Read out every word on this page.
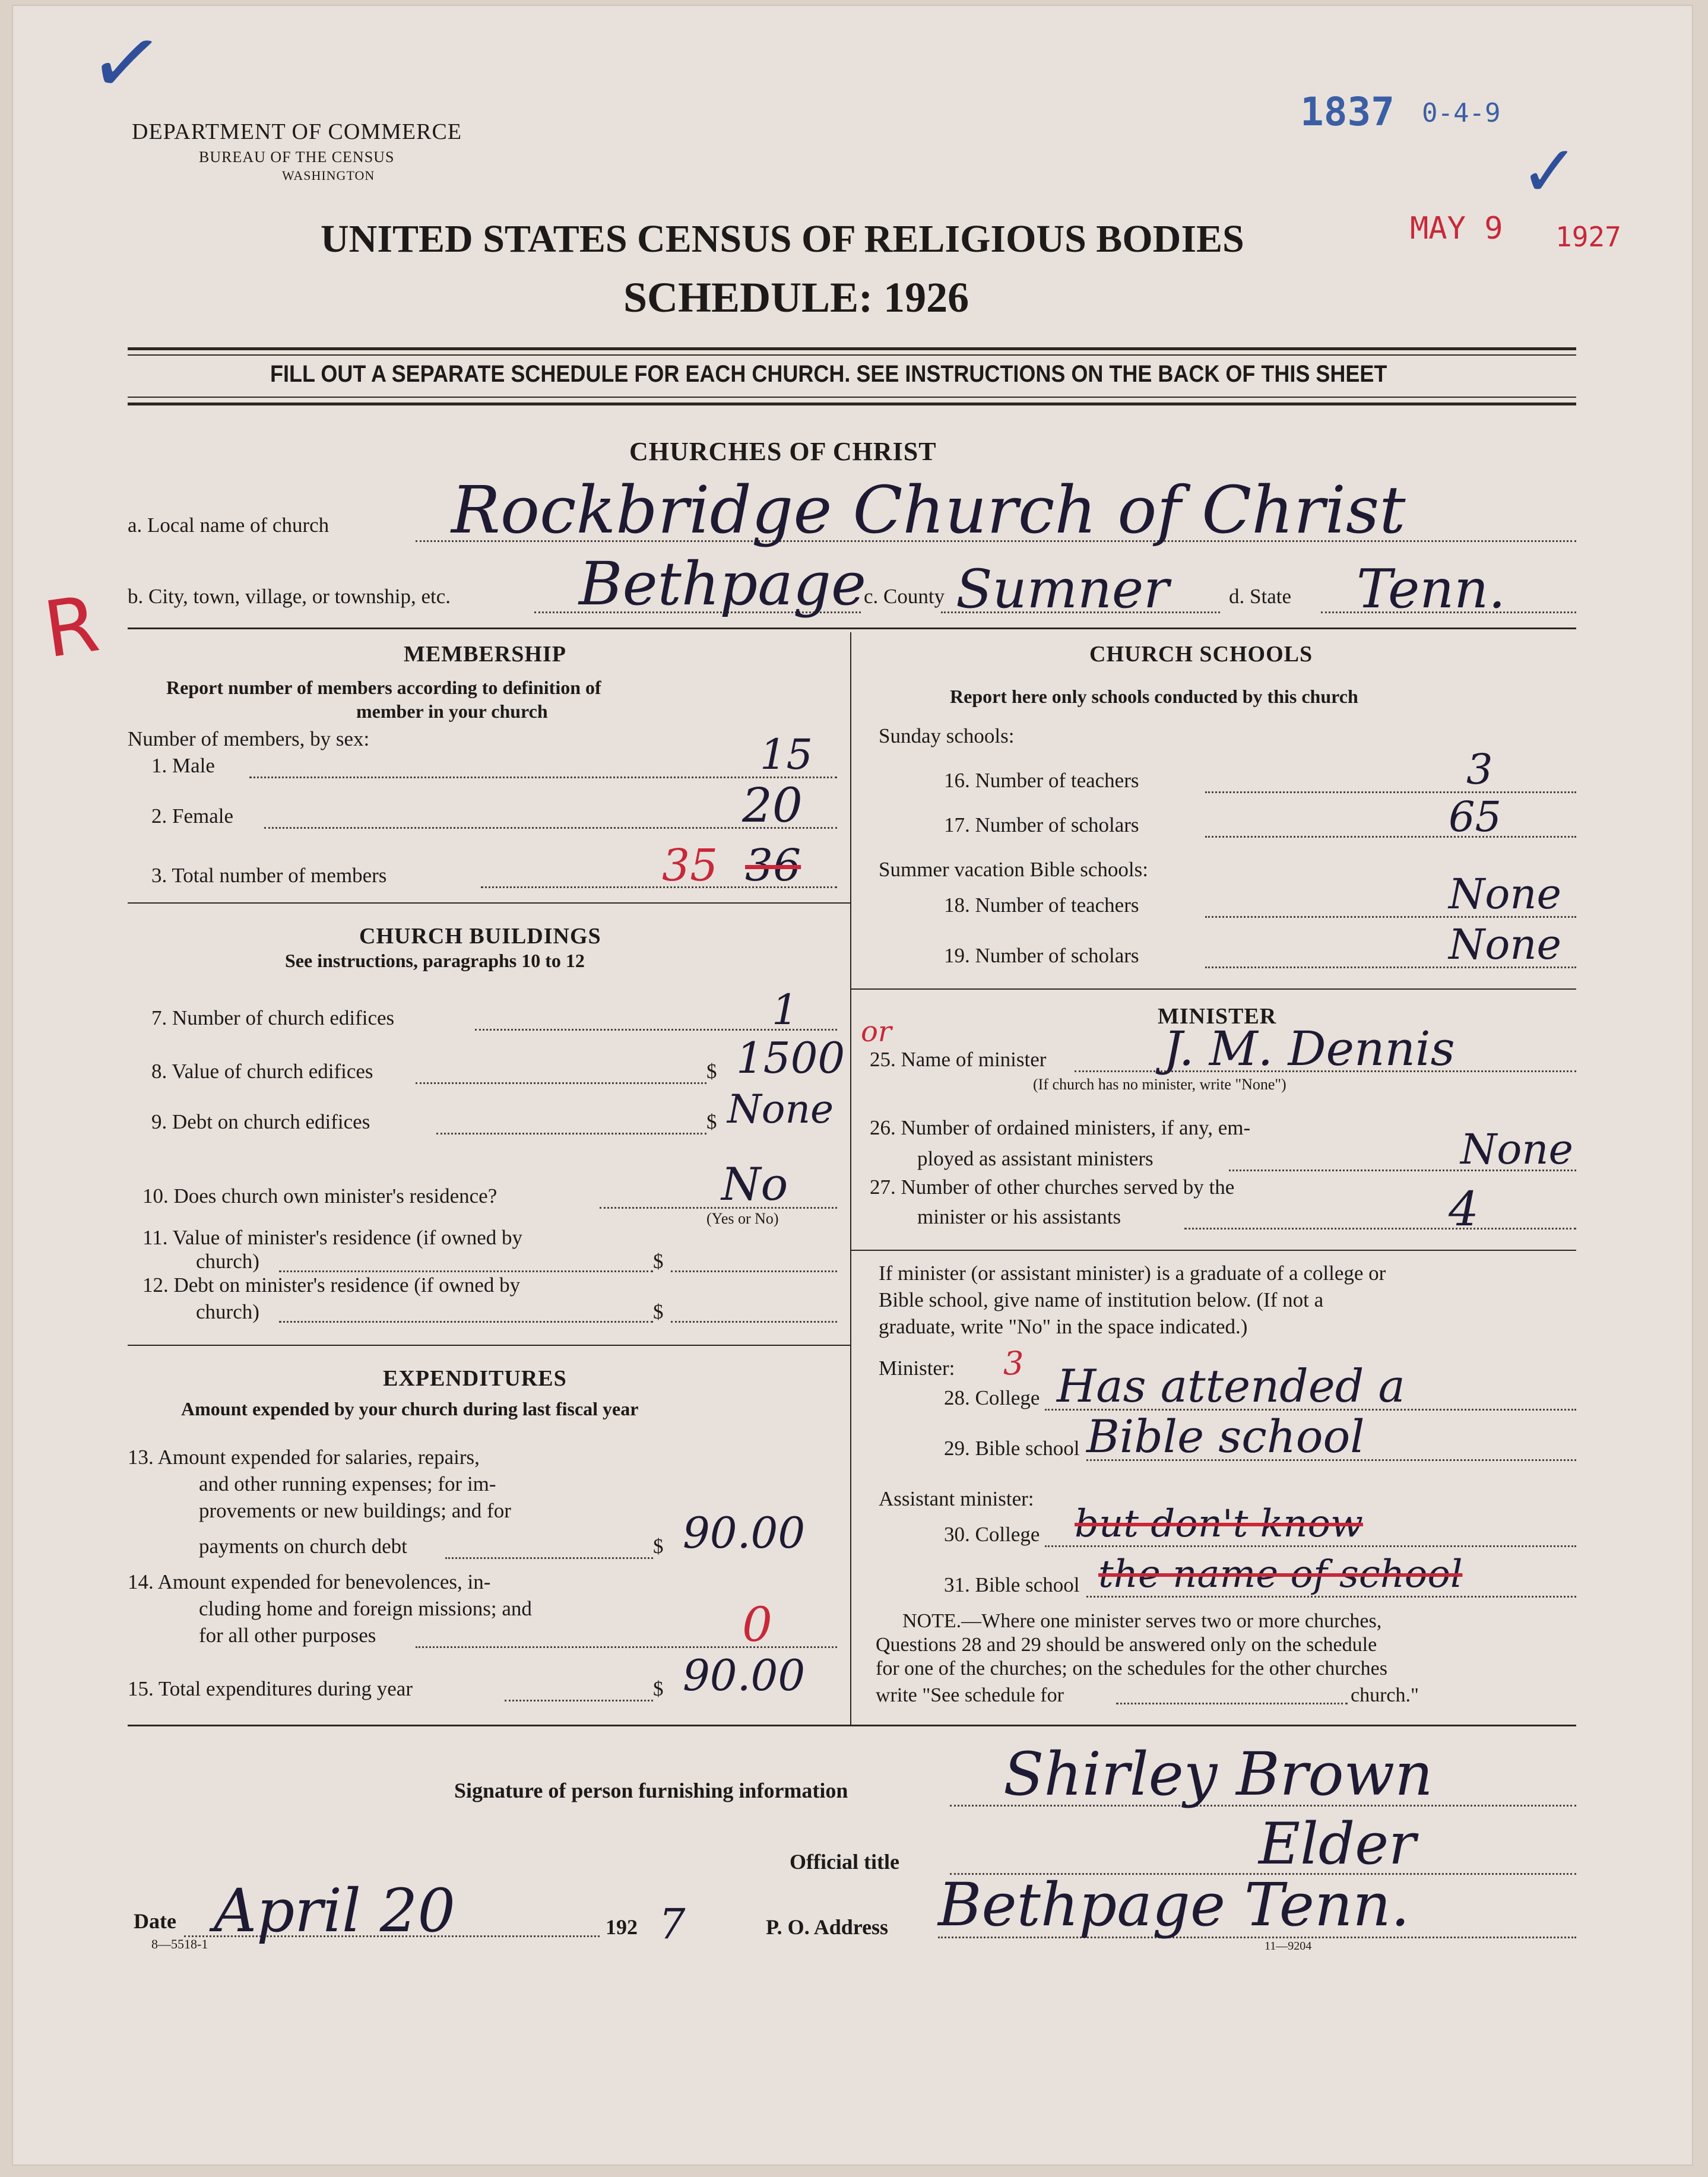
✓
✓
DEPARTMENT OF COMMERCE
BUREAU OF THE CENSUS
WASHINGTON
1837 0-4-9
MAY 9 1927
UNITED STATES CENSUS OF RELIGIOUS BODIES
SCHEDULE: 1926
FILL OUT A SEPARATE SCHEDULE FOR EACH CHURCH. SEE INSTRUCTIONS ON THE BACK OF THIS SHEET
CHURCHES OF CHRIST
R
a. Local name of church Rockbridge Church of Christ
b. City, town, village, or township, etc. Bethpage
c. County Sumner	d. State Tenn.
MEMBERSHIP
Report number of members according to definition of
member in your church
Number of members, by sex:
1. Male	15
2. Female	20
3. Total number of members	35 36
CHURCH BUILDINGS
See instructions, paragraphs 10 to 12
7. Number of church edifices	1
8. Value of church edifices	$ 1500
9. Debt on church edifices	$ None
10. Does church own minister's residence?	No
(Yes or No)
11. Value of minister's residence (if owned by
church)	$
12. Debt on minister's residence (if owned by
church)	$
EXPENDITURES
Amount expended by your church during last fiscal year
13. Amount expended for salaries, repairs,
and other running expenses; for im-
provements or new buildings; and for
payments on church debt	$ 90.00
14. Amount expended for benevolences, in-
cluding home and foreign missions; and
for all other purposes	0
15. Total expenditures during year	$ 90.00
CHURCH SCHOOLS
Report here only schools conducted by this church
Sunday schools:
16. Number of teachers	3
17. Number of scholars	65
Summer vacation Bible schools:
18. Number of teachers	None
19. Number of scholars	None
MINISTER
or
25. Name of minister J. M. Dennis
(If church has no minister, write "None")
26. Number of ordained ministers, if any, em-
ployed as assistant ministers	None
27. Number of other churches served by the
minister or his assistants	4
If minister (or assistant minister) is a graduate of a college or
Bible school, give name of institution below. (If not a
graduate, write "No" in the space indicated.)
Minister: 3
28. College Has attended a
29. Bible school Bible school
Assistant minister:
30. College but don't know
31. Bible school the name of school
NOTE.—Where one minister serves two or more churches,
Questions 28 and 29 should be answered only on the schedule
for one of the churches; on the schedules for the other churches
write "See schedule for	church."
Signature of person furnishing information	Shirley Brown
Official title	Elder
Date April 20	192 7
8—5518-1
P. O. Address Bethpage Tenn.
11—9204
